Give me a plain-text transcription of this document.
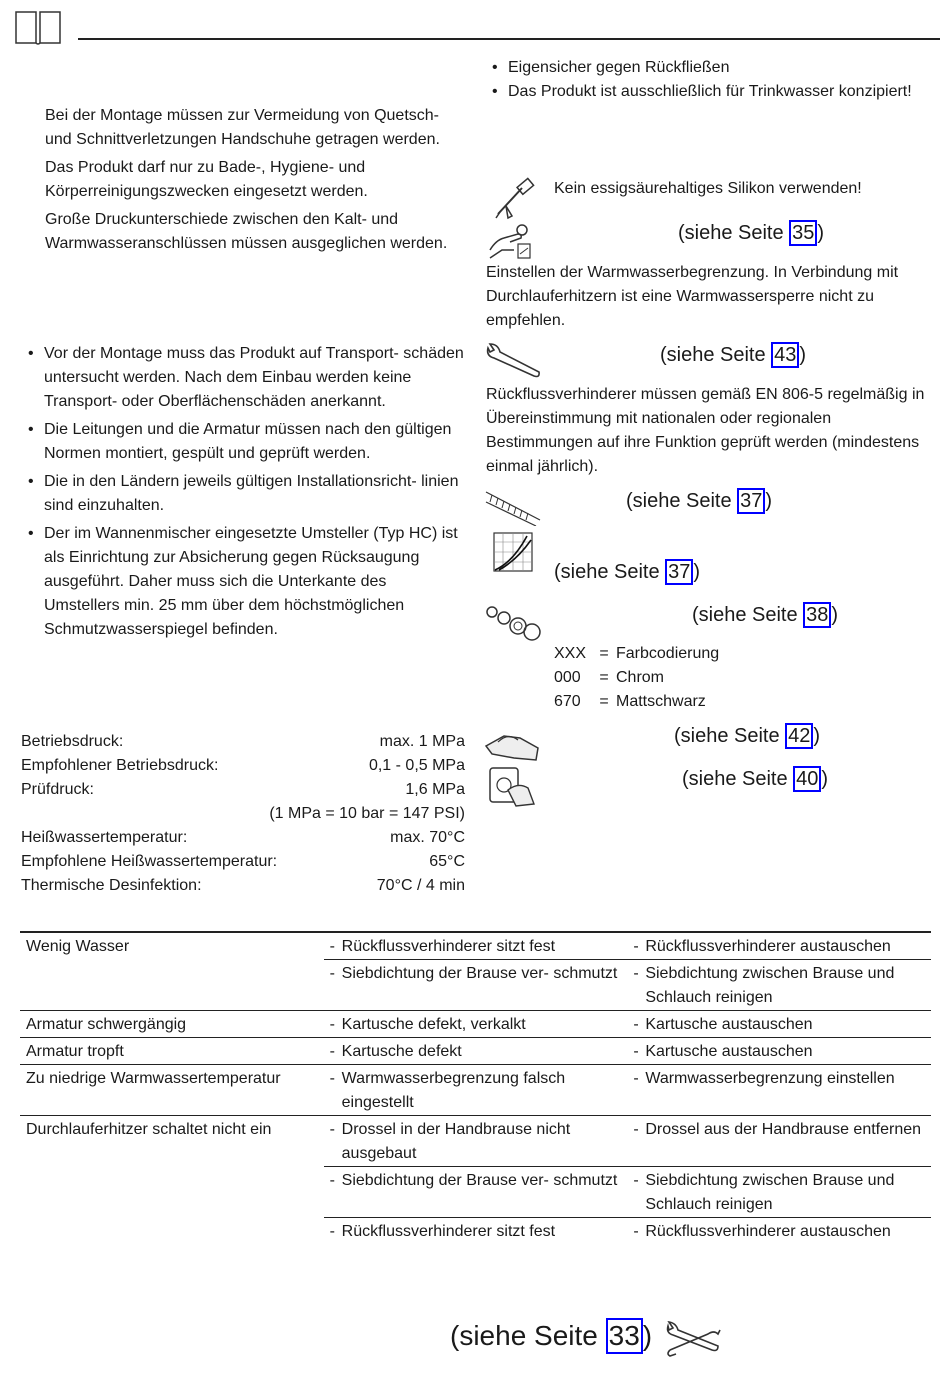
Bei der Montage müssen zur Vermeidung von Quetsch- und Schnittverletzungen Handschuhe getragen werden.

Das Produkt darf nur zu Bade-, Hygiene- und Körperreinigungszwecken eingesetzt werden.

Große Druckunterschiede zwischen den Kalt- und Warmwasseranschlüssen müssen ausgeglichen werden.

• Vor der Montage muss das Produkt auf Transport- schäden untersucht werden. Nach dem Einbau werden keine Transport- oder Oberflächenschäden anerkannt.
• Die Leitungen und die Armatur müssen nach den gültigen Normen montiert, gespült und geprüft werden.
• Die in den Ländern jeweils gültigen Installationsricht- linien sind einzuhalten.
• Der im Wannenmischer eingesetzte Umsteller (Typ HC) ist als Einrichtung zur Absicherung gegen Rücksaugung ausgeführt. Daher muss sich die Unterkante des Umstellers min. 25 mm über dem höchstmöglichen Schmutzwasserspiegel befinden.
Betriebsdruck:	max. 1 MPa
Empfohlener Betriebsdruck:	0,1 - 0,5 MPa
Prüfdruck:	1,6 MPa
(1 MPa = 10 bar = 147 PSI)
Heißwassertemperatur:	max. 70°C
Empfohlene Heißwassertemperatur:	65°C
Thermische Desinfektion:	70°C / 4 min
• Eigensicher gegen Rückfließen
• Das Produkt ist ausschließlich für Trinkwasser konzipiert!
Kein essigsäurehaltiges Silikon verwenden!
(siehe Seite 35 )

Einstellen der Warmwasserbegrenzung. In Verbindung mit Durchlauferhitzern ist eine Warmwassersperre nicht zu empfehlen.

(siehe Seite 43 )

Rückflussverhinderer müssen gemäß EN 806-5 regelmäßig in Übereinstimmung mit nationalen oder regionalen Bestimmungen auf ihre Funktion geprüft werden (mindestens einmal jährlich).

(siehe Seite 37 )
(siehe Seite 37 )
(siehe Seite 38 )
XXX = Farbcodierung
000	= Chrom
670	= Mattschwarz
(siehe Seite 42 )
(siehe Seite 40 )
Wenig Wasser	- Rückflussverhinderer sitzt fest	- Rückflussverhinderer austauschen

	- Siebdichtung der Brause ver- schmutzt	- Siebdichtung zwischen Brause und Schlauch reinigen

Armatur schwergängig	- Kartusche defekt, verkalkt	- Kartusche austauschen

Armatur tropft	- Kartusche defekt	- Kartusche austauschen

Zu niedrige Warmwassertemperatur	- Warmwasserbegrenzung falsch eingestellt	- Warmwasserbegrenzung einstellen

Durchlauferhitzer schaltet nicht ein	- Drossel in der Handbrause nicht ausgebaut	- Drossel aus der Handbrause entfernen

	- Siebdichtung der Brause ver- schmutzt	- Siebdichtung zwischen Brause und Schlauch reinigen

	- Rückflussverhinderer sitzt fest	- Rückflussverhinderer austauschen
(siehe Seite 33 )
